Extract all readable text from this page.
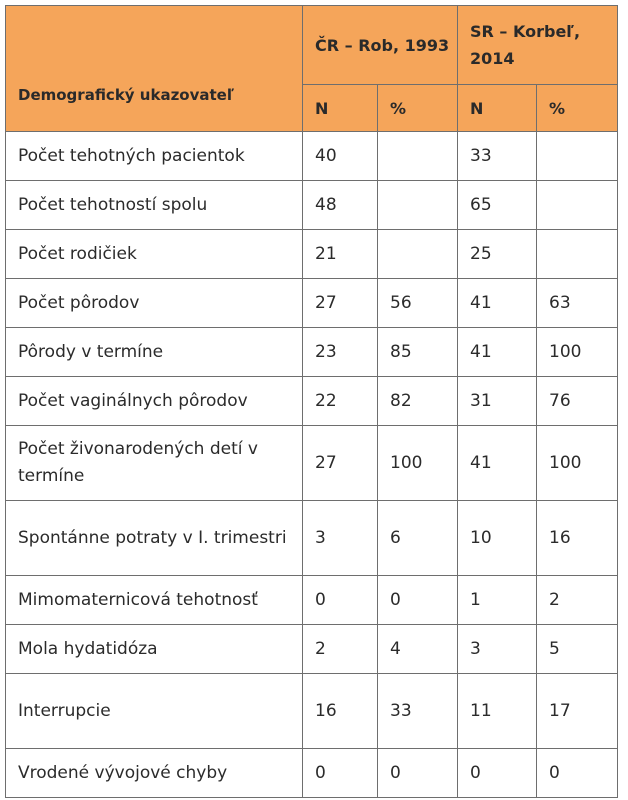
Demografický ukazovateľ	ČR – Rob, 1993		SR – Korbeľ, 2014	
	N	%	N	%
Počet tehotných pacientok	40		33	
Počet tehotností spolu	48		65	
Počet rodičiek	21		25	
Počet pôrodov	27	56	41	63
Pôrody v termíne	23	85	41	100
Počet vaginálnych pôrodov	22	82	31	76
Počet živonarodených detí v termíne	27	100	41	100
Spontánne potraty v I. trimestri	3	6	10	16
Mimomaternicová tehotnosť	0	0	1	2
Mola hydatidóza	2	4	3	5
Interrupcie	16	33	11	17
Vrodené vývojové chyby	0	0	0	0
